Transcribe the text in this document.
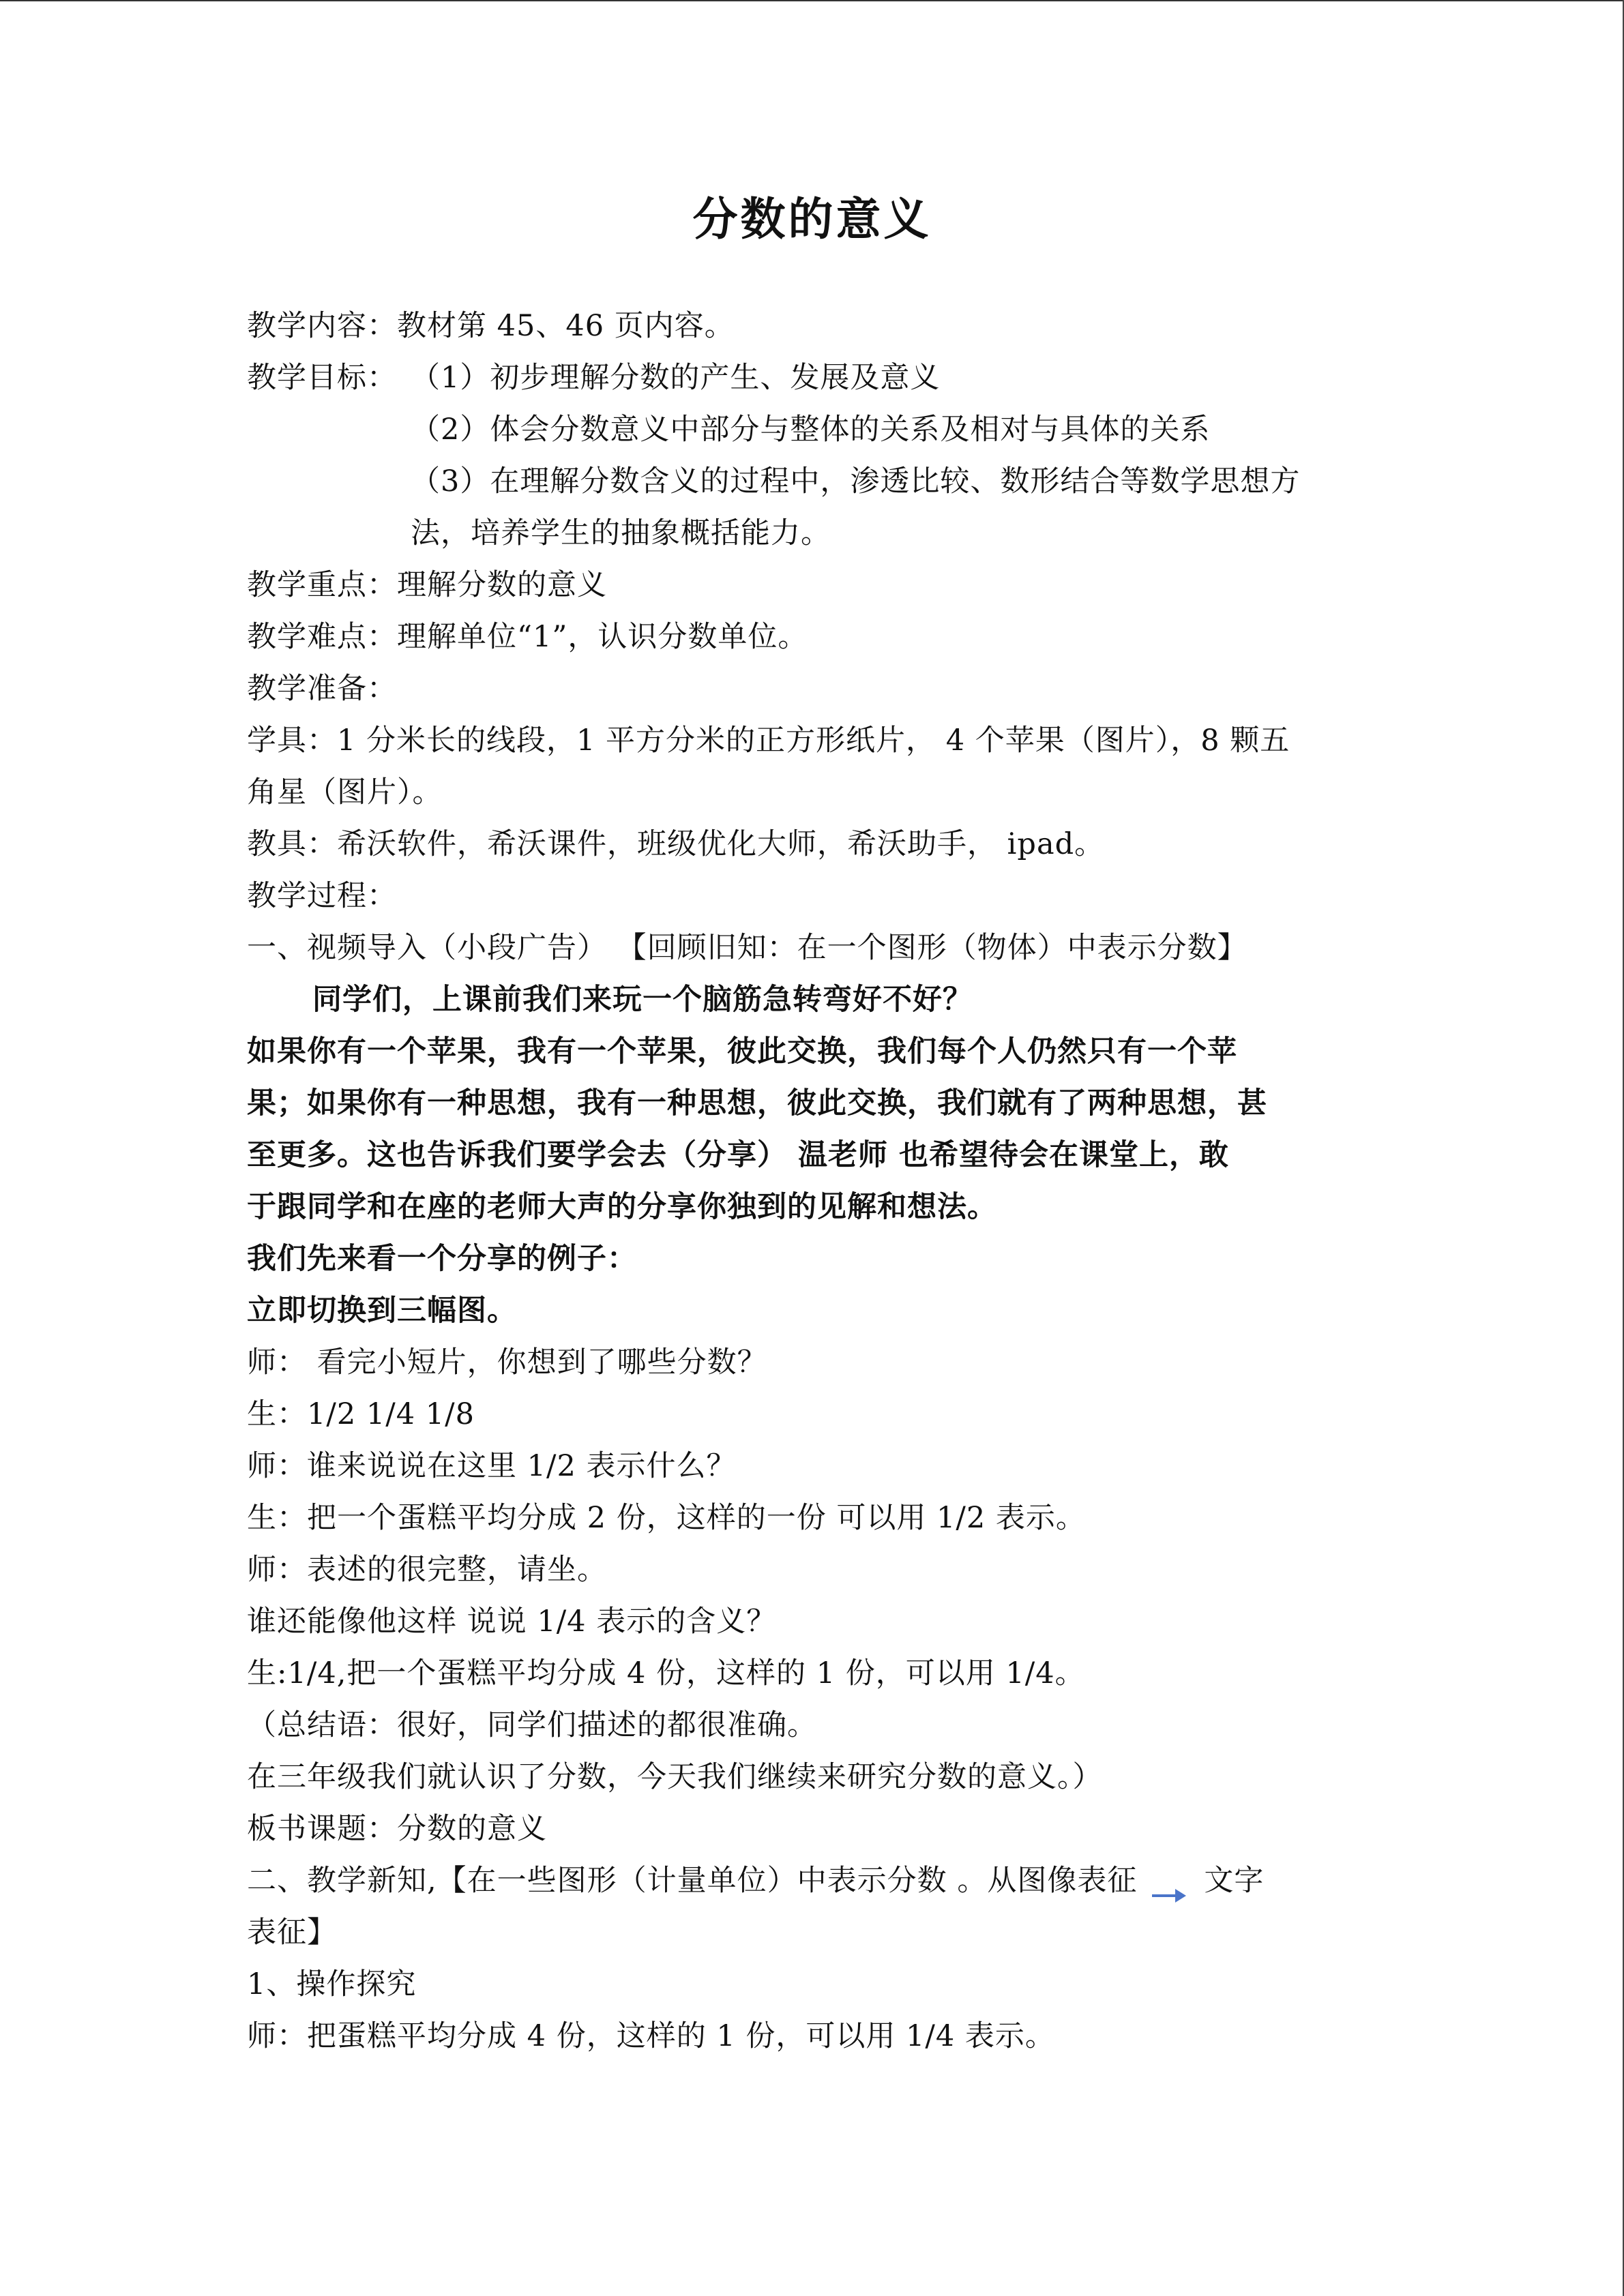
分数的意义
教学内容：教材第 45、46 页内容。
教学目标： （1）初步理解分数的产生、发展及意义
（2）体会分数意义中部分与整体的关系及相对与具体的关系
（3）在理解分数含义的过程中，渗透比较、数形结合等数学思想方
法，培养学生的抽象概括能力。
教学重点：理解分数的意义
教学难点：理解单位“1”，认识分数单位。
教学准备：
学具：1 分米长的线段，1 平方分米的正方形纸片， 4 个苹果（图片），8 颗五
角星（图片）。
教具：希沃软件，希沃课件，班级优化大师，希沃助手， ipad。
教学过程：
一、视频导入（小段广告） 【回顾旧知：在一个图形（物体）中表示分数】
同学们，上课前我们来玩一个脑筋急转弯好不好？
如果你有一个苹果，我有一个苹果，彼此交换，我们每个人仍然只有一个苹
果；如果你有一种思想，我有一种思想，彼此交换，我们就有了两种思想，甚
至更多。这也告诉我们要学会去（分享） 温老师 也希望待会在课堂上，敢
于跟同学和在座的老师大声的分享你独到的见解和想法。
我们先来看一个分享的例子：
立即切换到三幅图。
师： 看完小短片，你想到了哪些分数？
生：1/2 1/4 1/8
师：谁来说说在这里 1/2 表示什么？
生：把一个蛋糕平均分成 2 份，这样的一份 可以用 1/2 表示。
师：表述的很完整，请坐。
谁还能像他这样 说说 1/4 表示的含义？
生:1/4,把一个蛋糕平均分成 4 份，这样的 1 份，可以用 1/4。
（总结语：很好，同学们描述的都很准确。
在三年级我们就认识了分数，今天我们继续来研究分数的意义。）
板书课题：分数的意义
二、教学新知,【在一些图形（计量单位）中表示分数 。从图像表征 文字
表征】
1、操作探究
师：把蛋糕平均分成 4 份，这样的 1 份，可以用 1/4 表示。
